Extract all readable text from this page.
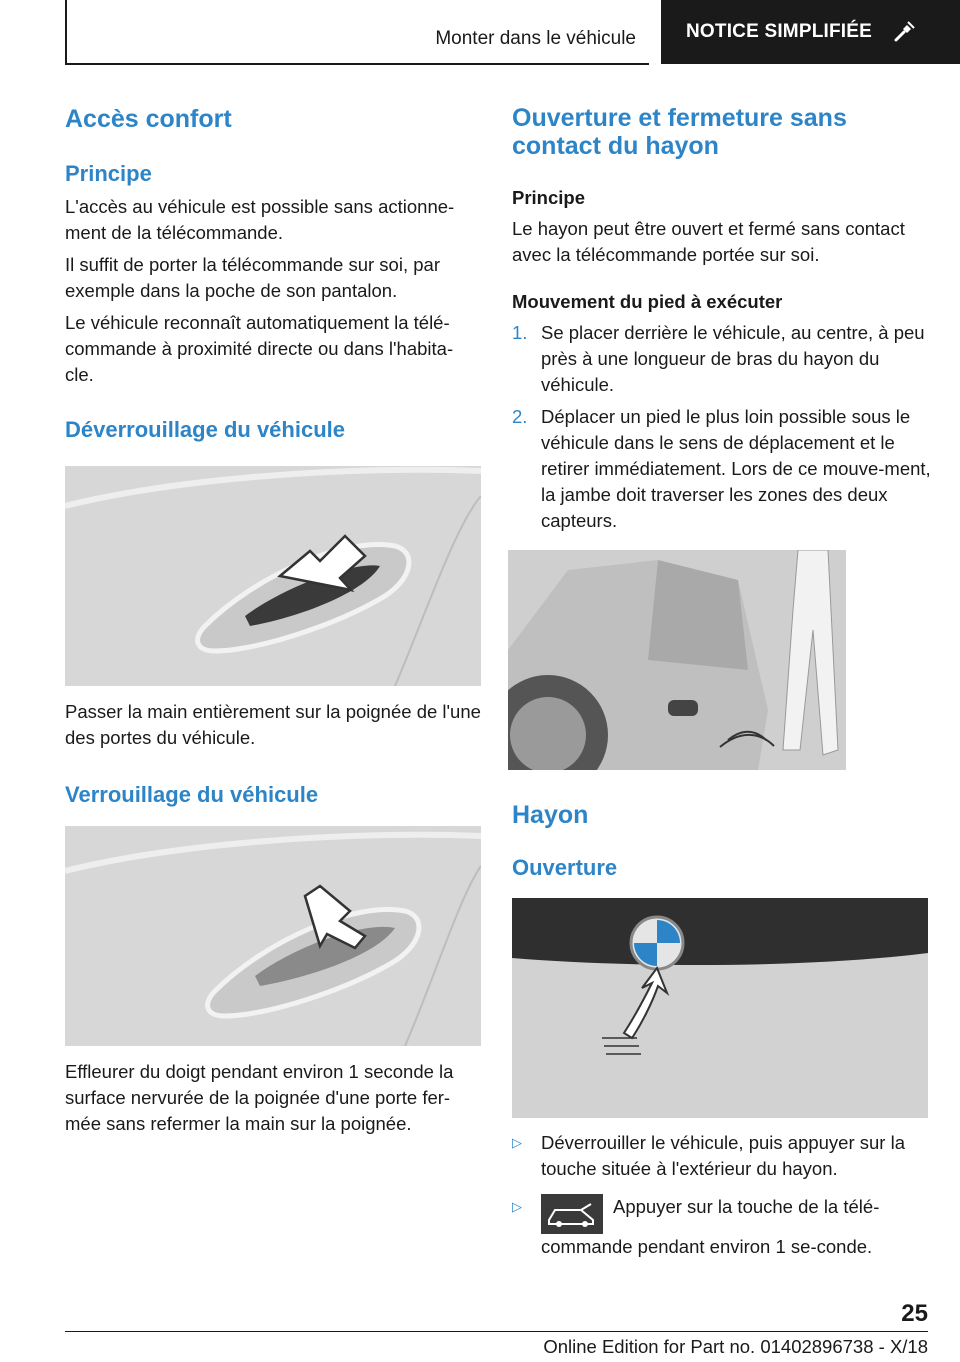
Monter dans le véhicule	NOTICE SIMPLIFIÉE
Accès confort
Principe

L'accès au véhicule est possible sans actionne-ment de la télécommande.

Il suffit de porter la télécommande sur soi, par exemple dans la poche de son pantalon.

Le véhicule reconnaît automatiquement la télé-commande à proximité directe ou dans l'habita-cle.

Déverrouillage du véhicule

Passer la main entièrement sur la poignée de l'une des portes du véhicule.

Verrouillage du véhicule

Effleurer du doigt pendant environ 1 seconde la surface nervurée de la poignée d'une porte fer-mée sans refermer la main sur la poignée.

Ouverture et fermeture sans contact du hayon
Principe

Le hayon peut être ouvert et fermé sans contact avec la télécommande portée sur soi.

Mouvement du pied à exécuter
1. Se placer derrière le véhicule, au centre, à peu près à une longueur de bras du hayon du véhicule.
2. Déplacer un pied le plus loin possible sous le véhicule dans le sens de déplacement et le retirer immédiatement. Lors de ce mouve-ment, la jambe doit traverser les zones des deux capteurs.
Hayon
Ouverture
▷	Déverrouiller le véhicule, puis appuyer sur la touche située à l'extérieur du hayon.
▷	Appuyer sur la touche de la télé-commande pendant environ 1 se-conde.
25
Online Edition for Part no. 01402896738 - X/18
